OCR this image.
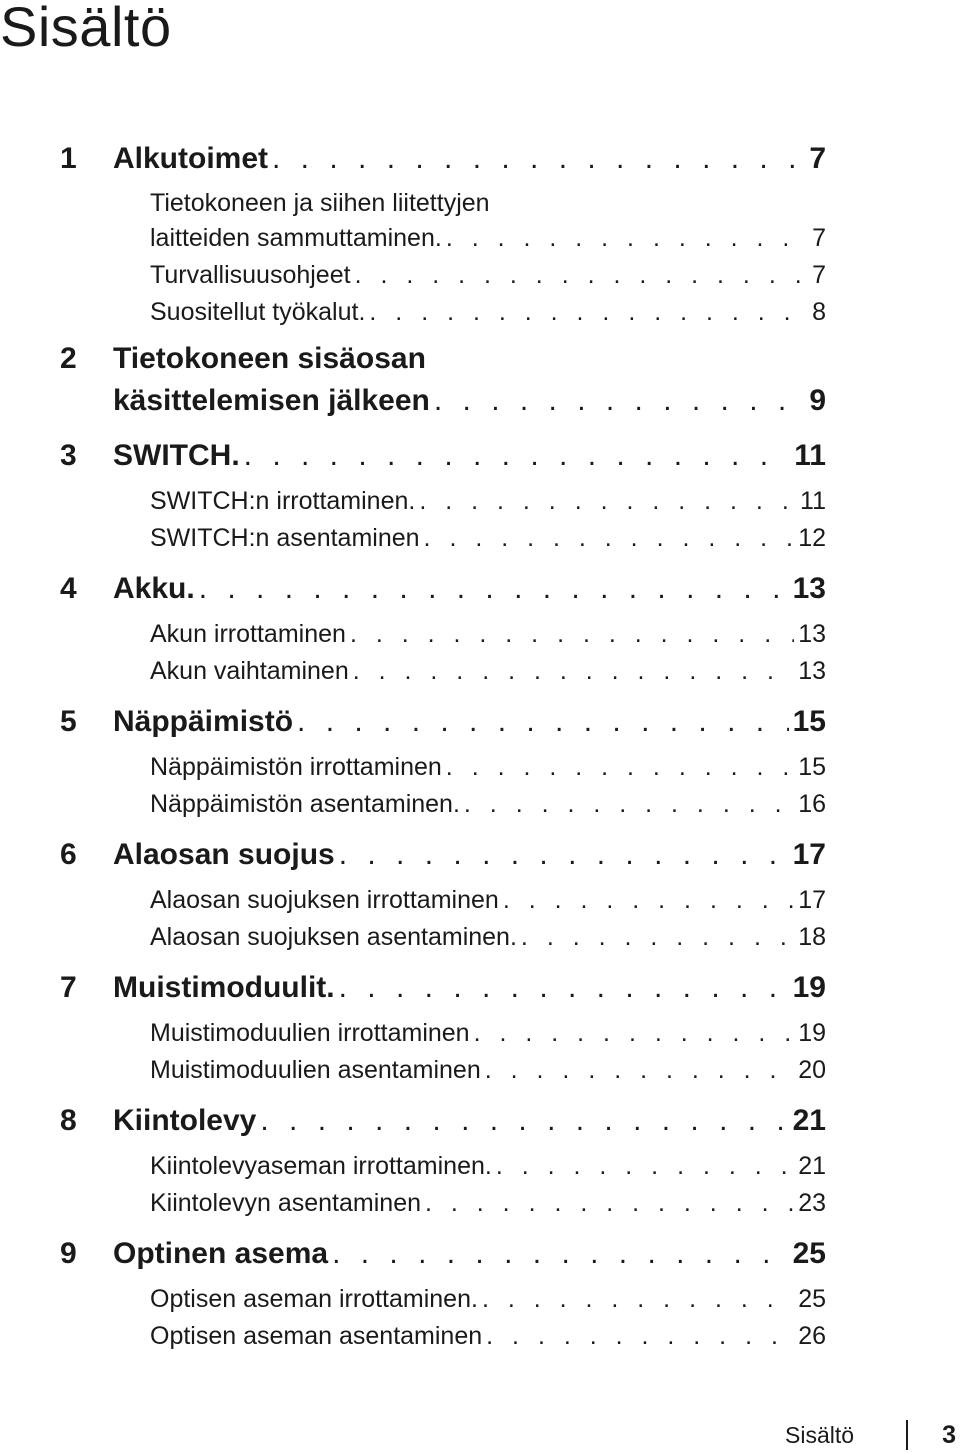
Sisältö
1	Alkutoimet . . .	7
Tietokoneen ja siihen liitettyjen
laitteiden sammuttaminen. . . .	7
Turvallisuusohjeet . . .	7
Suositellut työkalut. . . .	8
2 Tietokoneen sisäosan
käsittelemisen jälkeen . . .	9
3	SWITCH. . . .	11
SWITCH:n irrottaminen. . . .	11
SWITCH:n asentaminen . . .	12
4	Akku. . . .	13
Akun irrottaminen . . .	13
Akun vaihtaminen . . .	13
5	Näppäimistö . . .	15
Näppäimistön irrottaminen . . .	15
Näppäimistön asentaminen. . . .	16
6	Alaosan suojus . . .	17
Alaosan suojuksen irrottaminen . . .	17
Alaosan suojuksen asentaminen. . . .	18
7	Muistimoduulit. . . .	19
Muistimoduulien irrottaminen . . .	19
Muistimoduulien asentaminen . . .	20
8	Kiintolevy . . .	21
Kiintolevyaseman irrottaminen. . . .	21
Kiintolevyn asentaminen . . .	23
9	Optinen asema . . .	25
Optisen aseman irrottaminen. . . .	25
Optisen aseman asentaminen . . .	26
Sisältö	3
